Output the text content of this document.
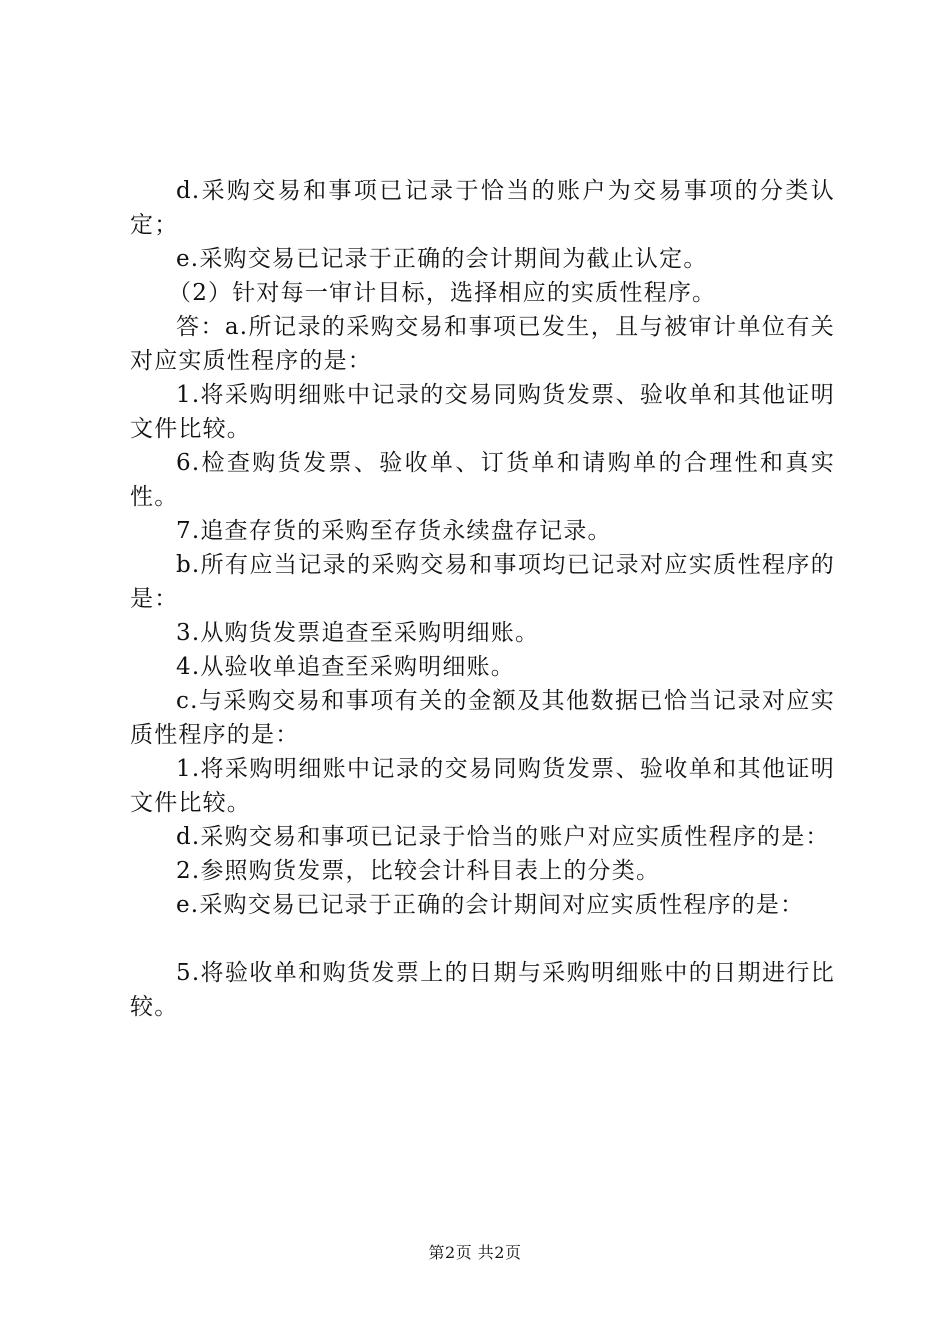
d.采购交易和事项已记录于恰当的账户为交易事项的分类认定；

e.采购交易已记录于正确的会计期间为截止认定。

（2）针对每一审计目标，选择相应的实质性程序。

答：a.所记录的采购交易和事项已发生，且与被审计单位有关对应实质性程序的是：

1.将采购明细账中记录的交易同购货发票、验收单和其他证明文件比较。

6.检查购货发票、验收单、订货单和请购单的合理性和真实性。

7.追查存货的采购至存货永续盘存记录。

b.所有应当记录的采购交易和事项均已记录对应实质性程序的是：

3.从购货发票追查至采购明细账。

4.从验收单追查至采购明细账。

c.与采购交易和事项有关的金额及其他数据已恰当记录对应实质性程序的是：

1.将采购明细账中记录的交易同购货发票、验收单和其他证明文件比较。

d.采购交易和事项已记录于恰当的账户对应实质性程序的是：

2.参照购货发票，比较会计科目表上的分类。

e.采购交易已记录于正确的会计期间对应实质性程序的是：

5.将验收单和购货发票上的日期与采购明细账中的日期进行比较。

第2页 共2页
